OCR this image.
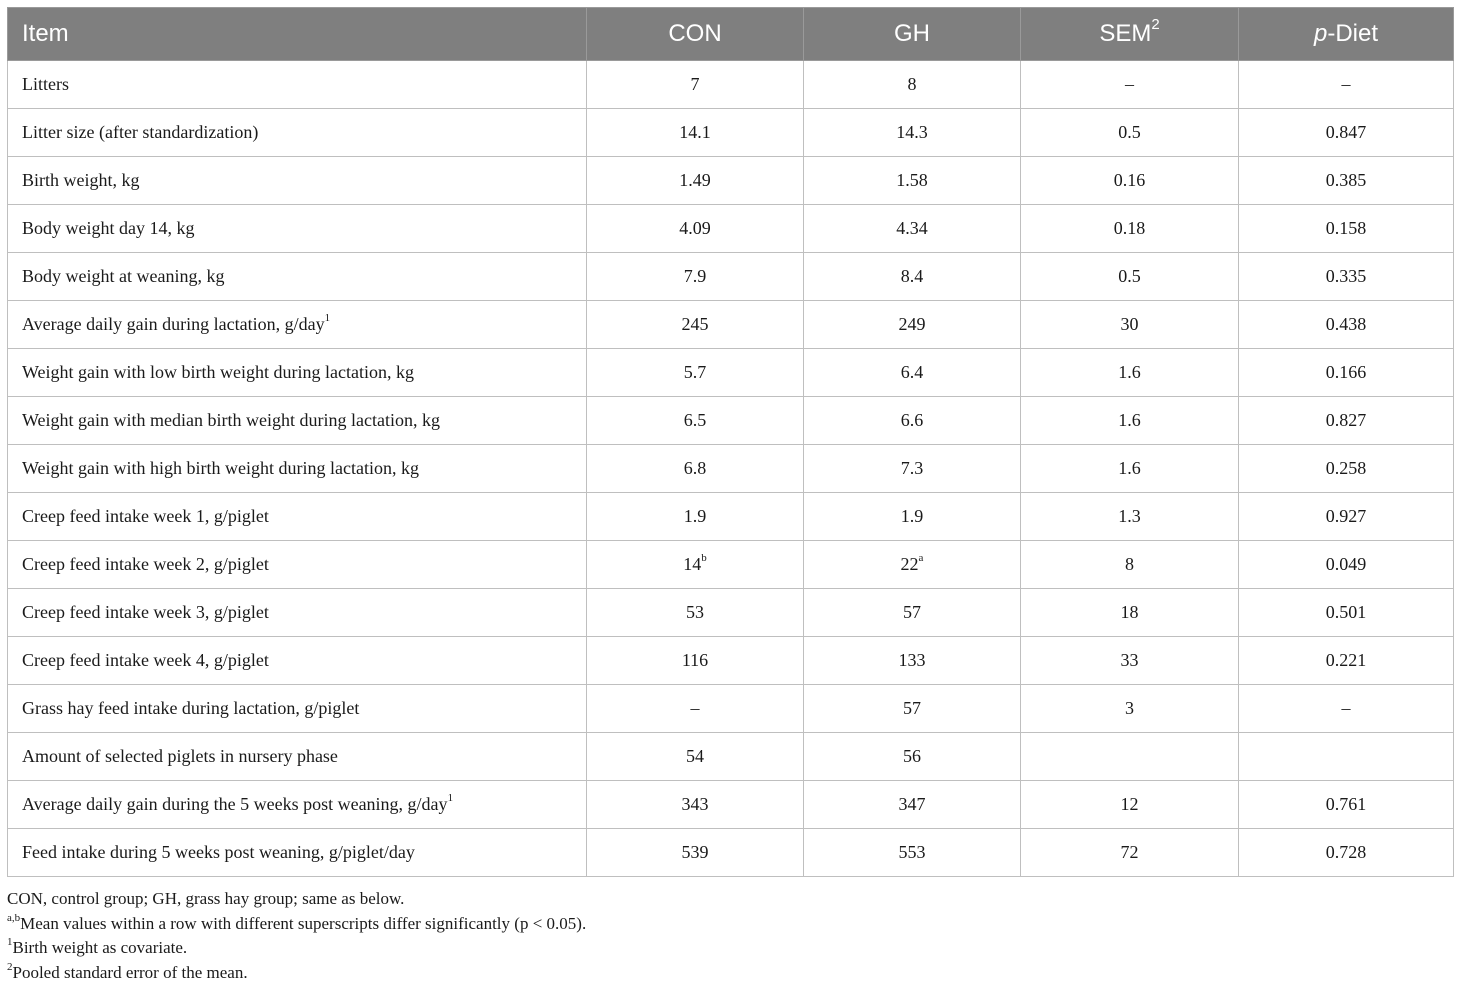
Item	CON	GH	SEM$^2$	p-Diet
Litters	7	8	–	–
Litter size (after standardization)	14.1	14.3	0.5	0.847
Birth weight, kg	1.49	1.58	0.16	0.385
Body weight day 14, kg	4.09	4.34	0.18	0.158
Body weight at weaning, kg	7.9	8.4	0.5	0.335
Average daily gain during lactation, g/day$^1$	245	249	30	0.438
Weight gain with low birth weight during lactation, kg	5.7	6.4	1.6	0.166
Weight gain with median birth weight during lactation, kg	6.5	6.6	1.6	0.827
Weight gain with high birth weight during lactation, kg	6.8	7.3	1.6	0.258
Creep feed intake week 1, g/piglet	1.9	1.9	1.3	0.927
Creep feed intake week 2, g/piglet	14$^b$	22$^a$	8	0.049
Creep feed intake week 3, g/piglet	53	57	18	0.501
Creep feed intake week 4, g/piglet	116	133	33	0.221
Grass hay feed intake during lactation, g/piglet	–	57	3	–
Amount of selected piglets in nursery phase	54	56		
Average daily gain during the 5 weeks post weaning, g/day$^1$	343	347	12	0.761
Feed intake during 5 weeks post weaning, g/piglet/day	539	553	72	0.728
CON, control group; GH, grass hay group; same as below.
$^{a,b}$Mean values within a row with different superscripts differ significantly (p < 0.05).
$^1$Birth weight as covariate.
$^2$Pooled standard error of the mean.
